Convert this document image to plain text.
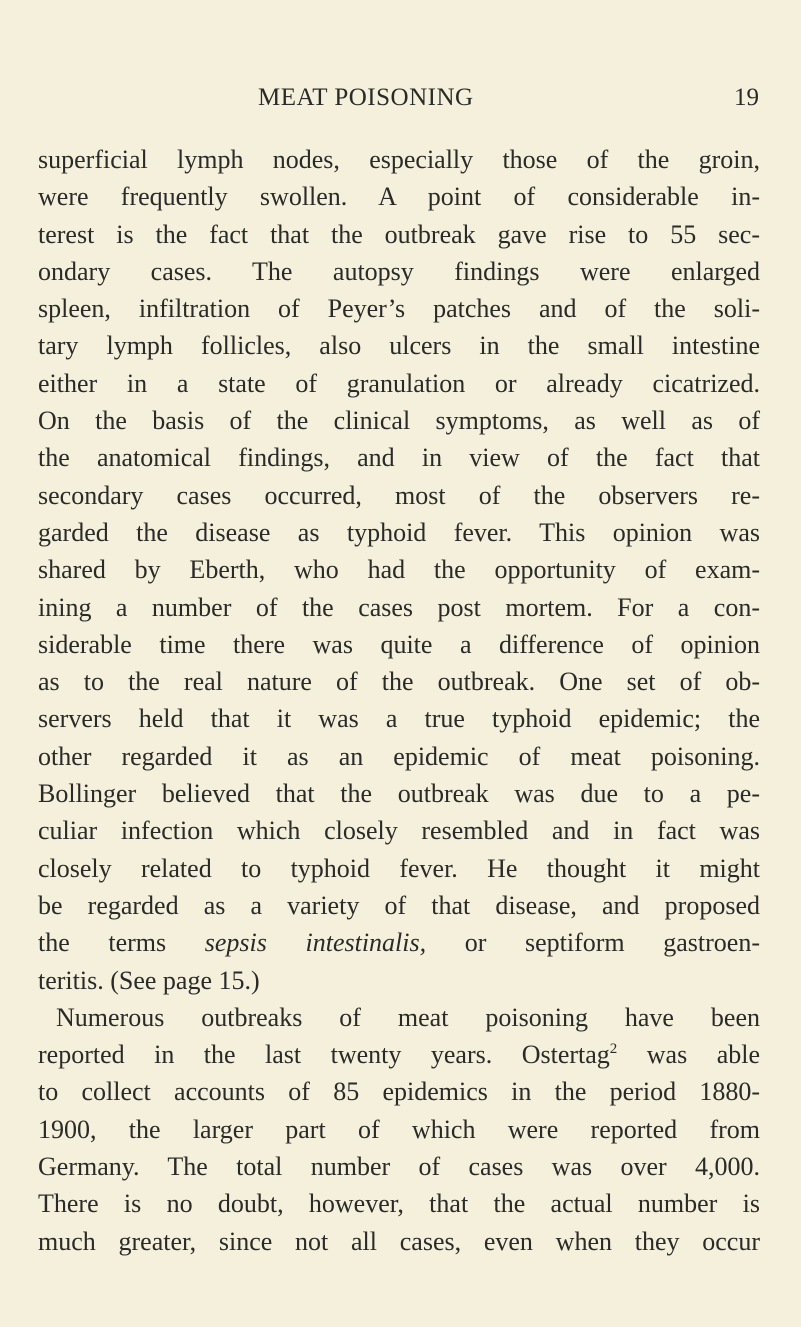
MEAT POISONING	19
superficial lymph nodes, especially those of the groin,
were frequently swollen. A point of considerable in-
terest is the fact that the outbreak gave rise to 55 sec-
ondary cases. The autopsy findings were enlarged
spleen, infiltration of Peyer’s patches and of the soli-
tary lymph follicles, also ulcers in the small intestine
either in a state of granulation or already cicatrized.
On the basis of the clinical symptoms, as well as of
the anatomical findings, and in view of the fact that
secondary cases occurred, most of the observers re-
garded the disease as typhoid fever. This opinion was
shared by Eberth, who had the opportunity of exam-
ining a number of the cases post mortem. For a con-
siderable time there was quite a difference of opinion
as to the real nature of the outbreak. One set of ob-
servers held that it was a true typhoid epidemic; the
other regarded it as an epidemic of meat poisoning.
Bollinger believed that the outbreak was due to a pe-
culiar infection which closely resembled and in fact was
closely related to typhoid fever. He thought it might
be regarded as a variety of that disease, and proposed
the terms sepsis intestinalis, or septiform gastroen-
teritis. (See page 15.)
Numerous outbreaks of meat poisoning have been
reported in the last twenty years. Ostertag$^2$ was able
to collect accounts of 85 epidemics in the period 1880-
1900, the larger part of which were reported from
Germany. The total number of cases was over 4,000.
There is no doubt, however, that the actual number is
much greater, since not all cases, even when they occur
